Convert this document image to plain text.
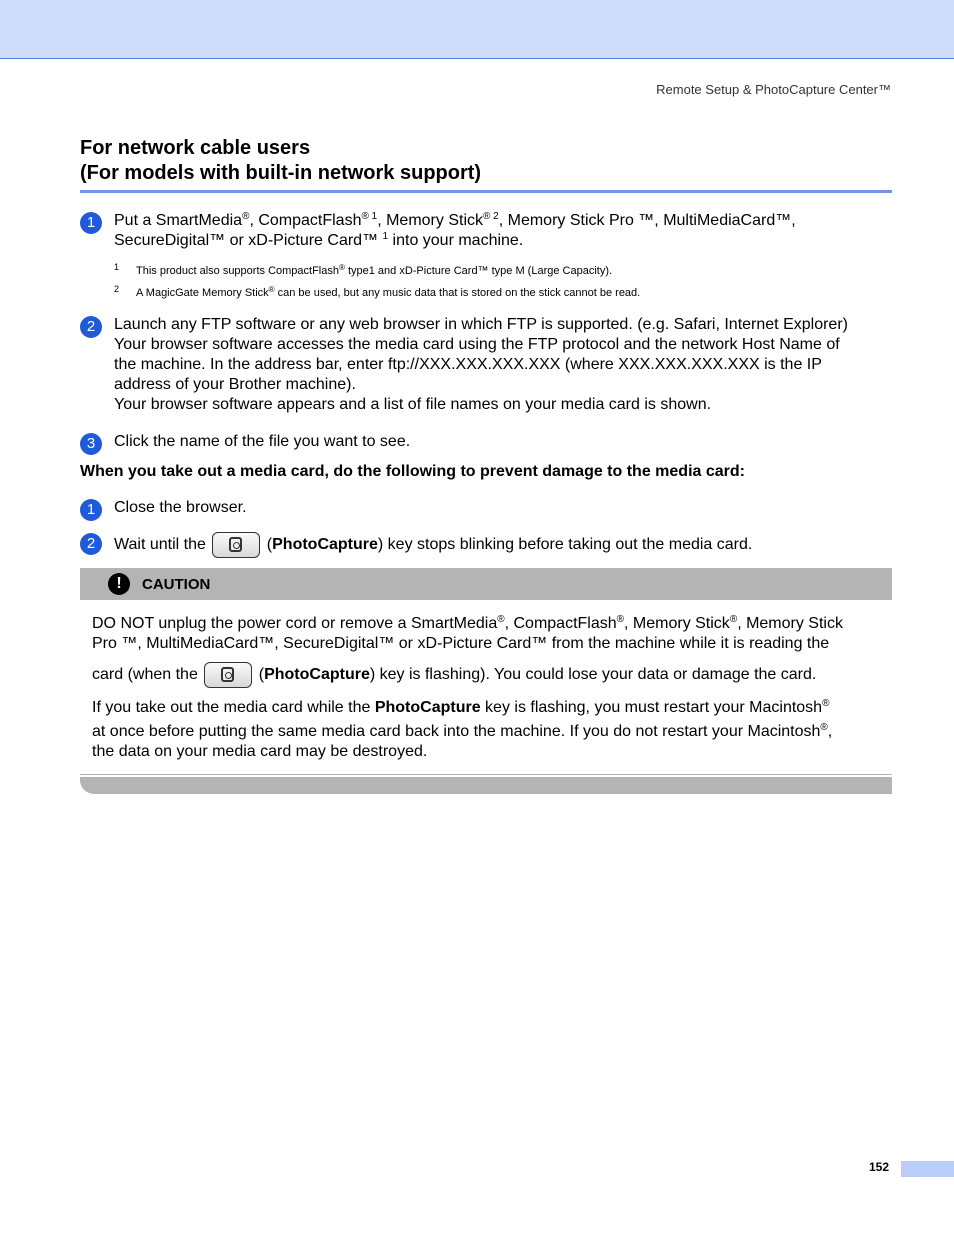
Remote Setup & PhotoCapture Center™
For network cable users
(For models with built-in network support)
1	Put a SmartMedia®, CompactFlash$^{® 1}$, Memory Stick$^{® 2}$, Memory Stick Pro ™, MultiMediaCard™,
SecureDigital™ or xD-Picture Card™ $^1$ into your machine.
1 This product also supports CompactFlash® type1 and xD-Picture Card™ type M (Large Capacity).
2 A MagicGate Memory Stick® can be used, but any music data that is stored on the stick cannot be read.
2	Launch any FTP software or any web browser in which FTP is supported. (e.g. Safari, Internet Explorer)
Your browser software accesses the media card using the FTP protocol and the network Host Name of
the machine. In the address bar, enter ftp://XXX.XXX.XXX.XXX (where XXX.XXX.XXX.XXX is the IP
address of your Brother machine).
Your browser software appears and a list of file names on your media card is shown.
3	Click the name of the file you want to see.
When you take out a media card, do the following to prevent damage to the media card:
1	Close the browser.
2	Wait until the	(PhotoCapture) key stops blinking before taking out the media card.
!	CAUTION
DO NOT unplug the power cord or remove a SmartMedia®, CompactFlash®, Memory Stick®, Memory Stick
Pro ™, MultiMediaCard™, SecureDigital™ or xD-Picture Card™ from the machine while it is reading the
card (when the	(PhotoCapture) key is flashing). You could lose your data or damage the card.
If you take out the media card while the PhotoCapture key is flashing, you must restart your Macintosh®
at once before putting the same media card back into the machine. If you do not restart your Macintosh®,
the data on your media card may be destroyed.
152
